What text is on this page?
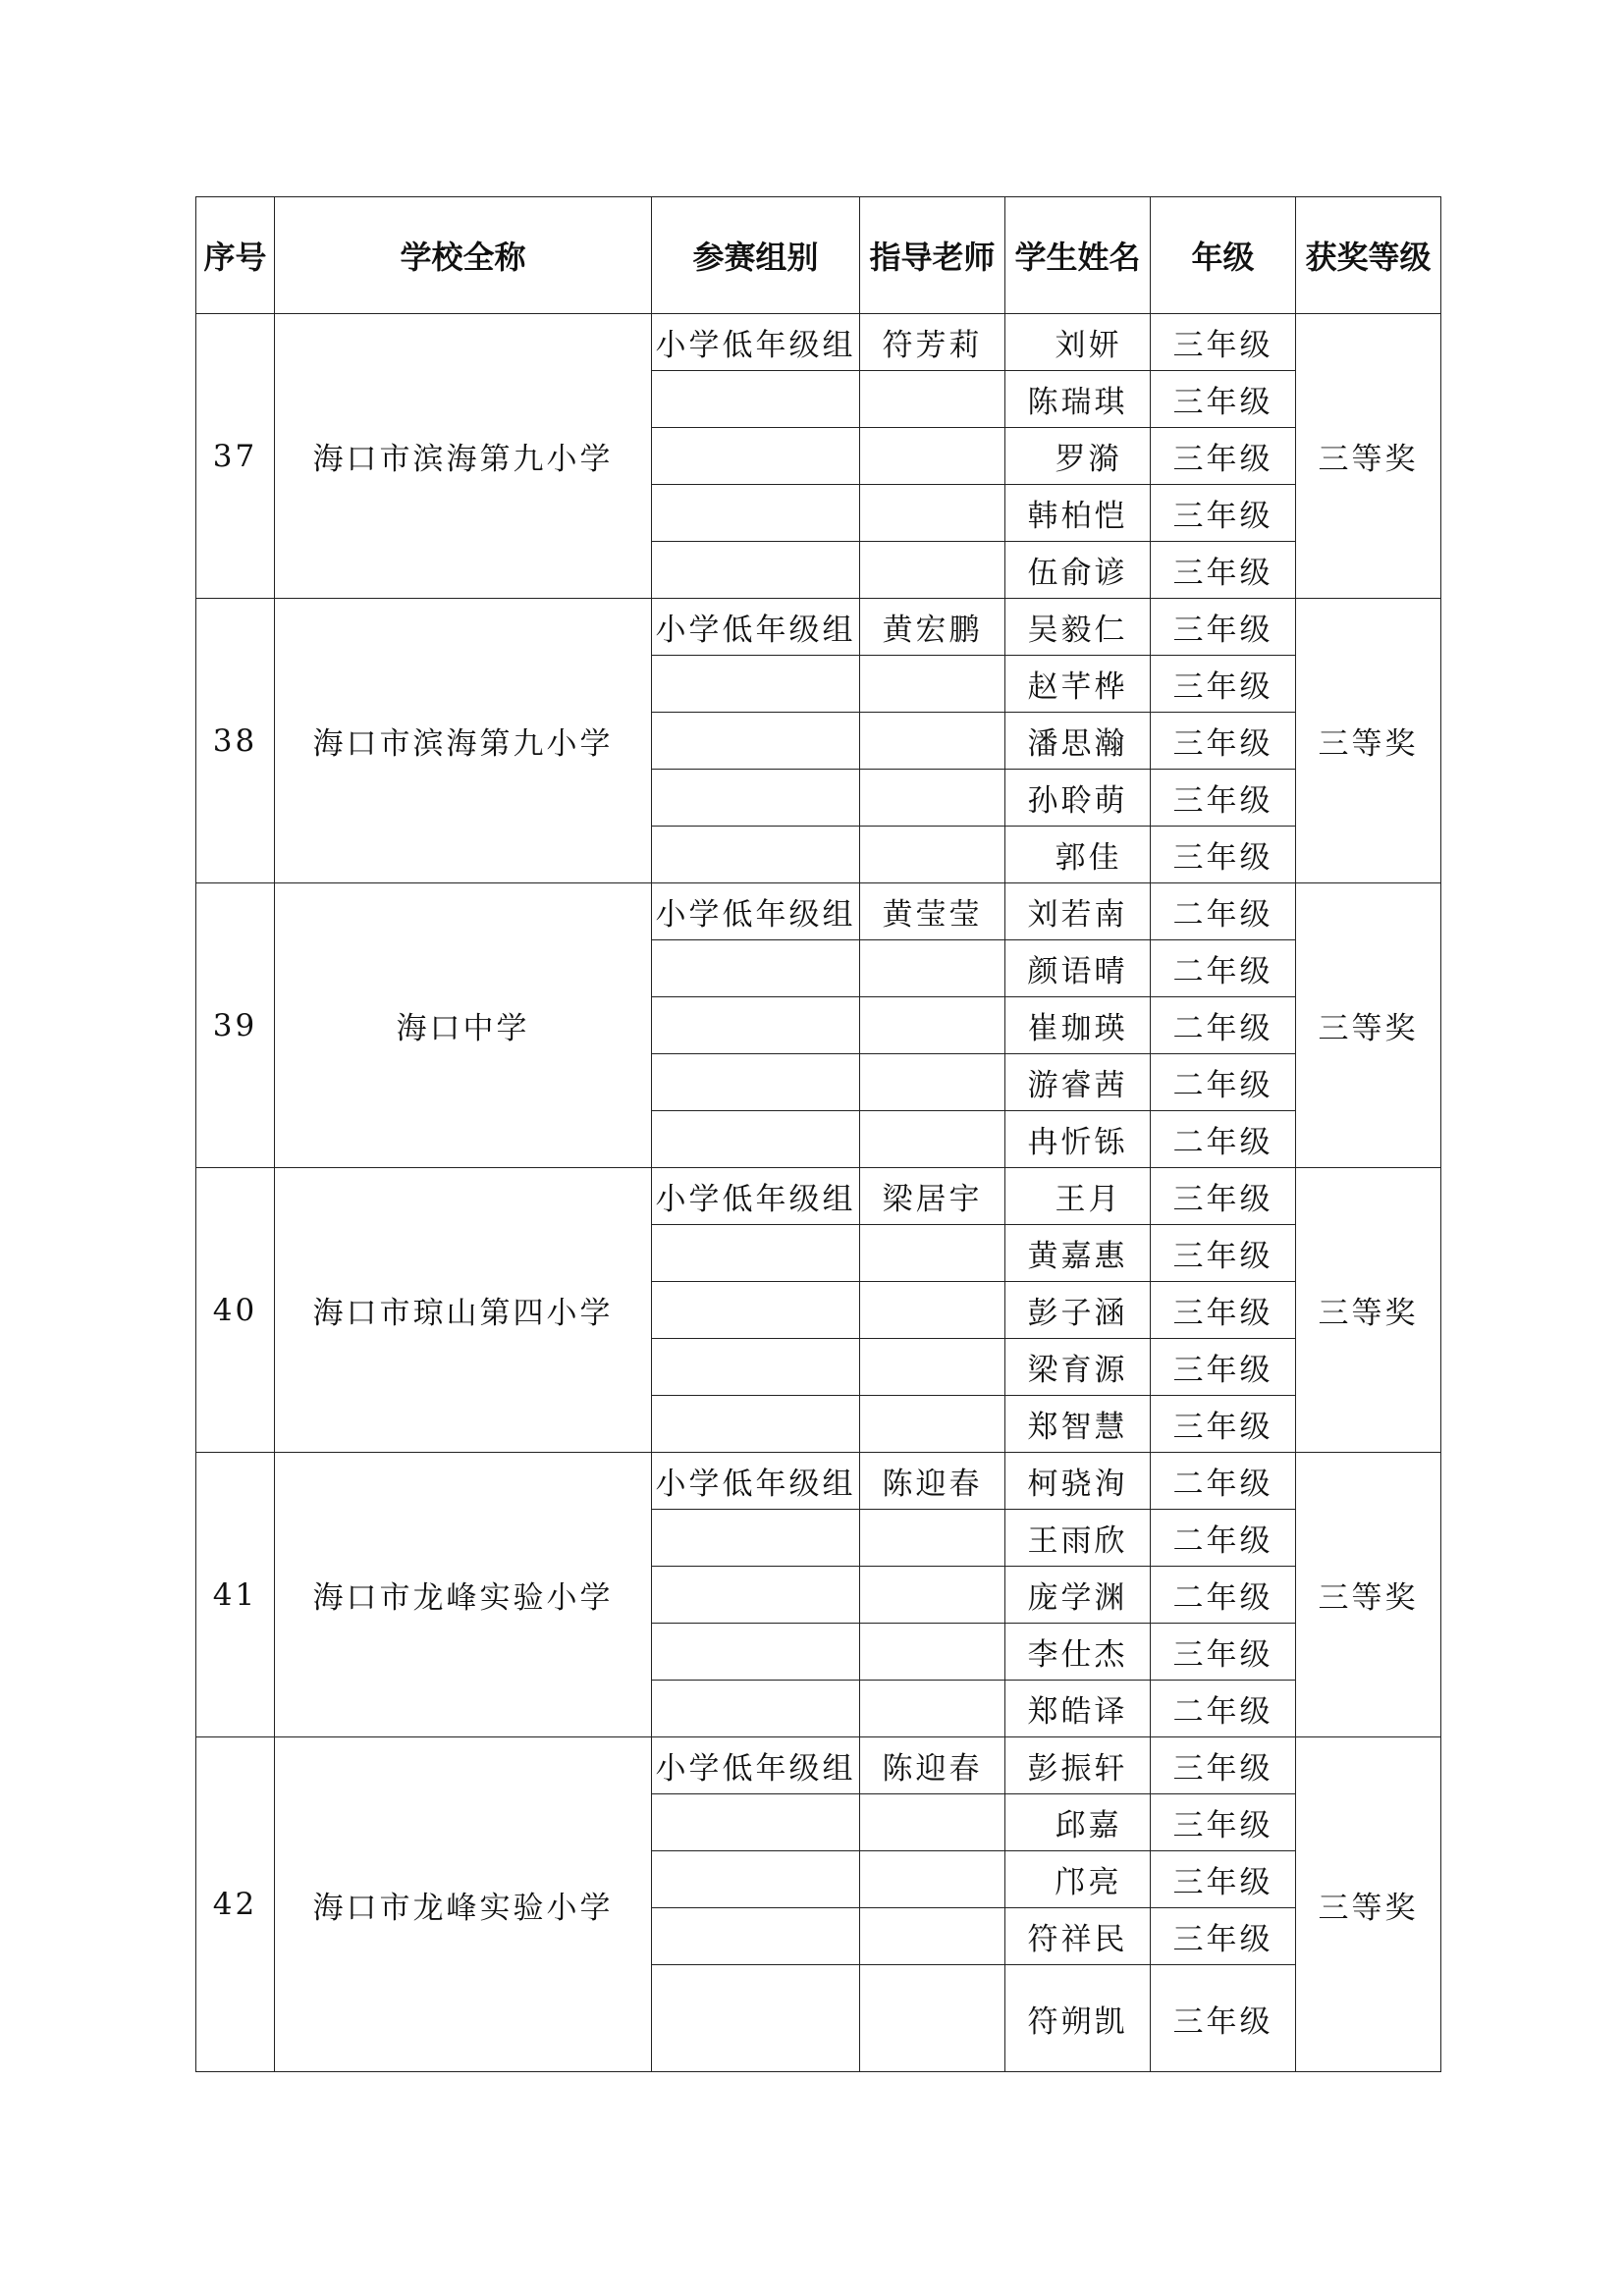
序号	学校全称	参赛组别	指导老师	学生姓名	年级	获奖等级
37	海口市滨海第九小学	小学低年级组	符芳莉	刘妍	三年级	三等奖
				陈瑞琪	三年级	
				罗漪	三年级	
				韩柏恺	三年级	
				伍俞谚	三年级	
38	海口市滨海第九小学	小学低年级组	黄宏鹏	吴毅仁	三年级	三等奖
				赵芊桦	三年级	
				潘思瀚	三年级	
				孙聆萌	三年级	
				郭佳	三年级	
39	海口中学	小学低年级组	黄莹莹	刘若南	二年级	三等奖
				颜语晴	二年级	
				崔珈瑛	二年级	
				游睿茜	二年级	
				冉忻铄	二年级	
40	海口市琼山第四小学	小学低年级组	梁居宇	王月	三年级	三等奖
				黄嘉惠	三年级	
				彭子涵	三年级	
				梁育源	三年级	
				郑智慧	三年级	
41	海口市龙峰实验小学	小学低年级组	陈迎春	柯骁洵	二年级	三等奖
				王雨欣	二年级	
				庞学渊	二年级	
				李仕杰	三年级	
				郑皓译	二年级	
42	海口市龙峰实验小学	小学低年级组	陈迎春	彭振轩	三年级	三等奖
				邱嘉	三年级	
				邝亮	三年级	
				符祥民	三年级	
				符朔凯	三年级	
